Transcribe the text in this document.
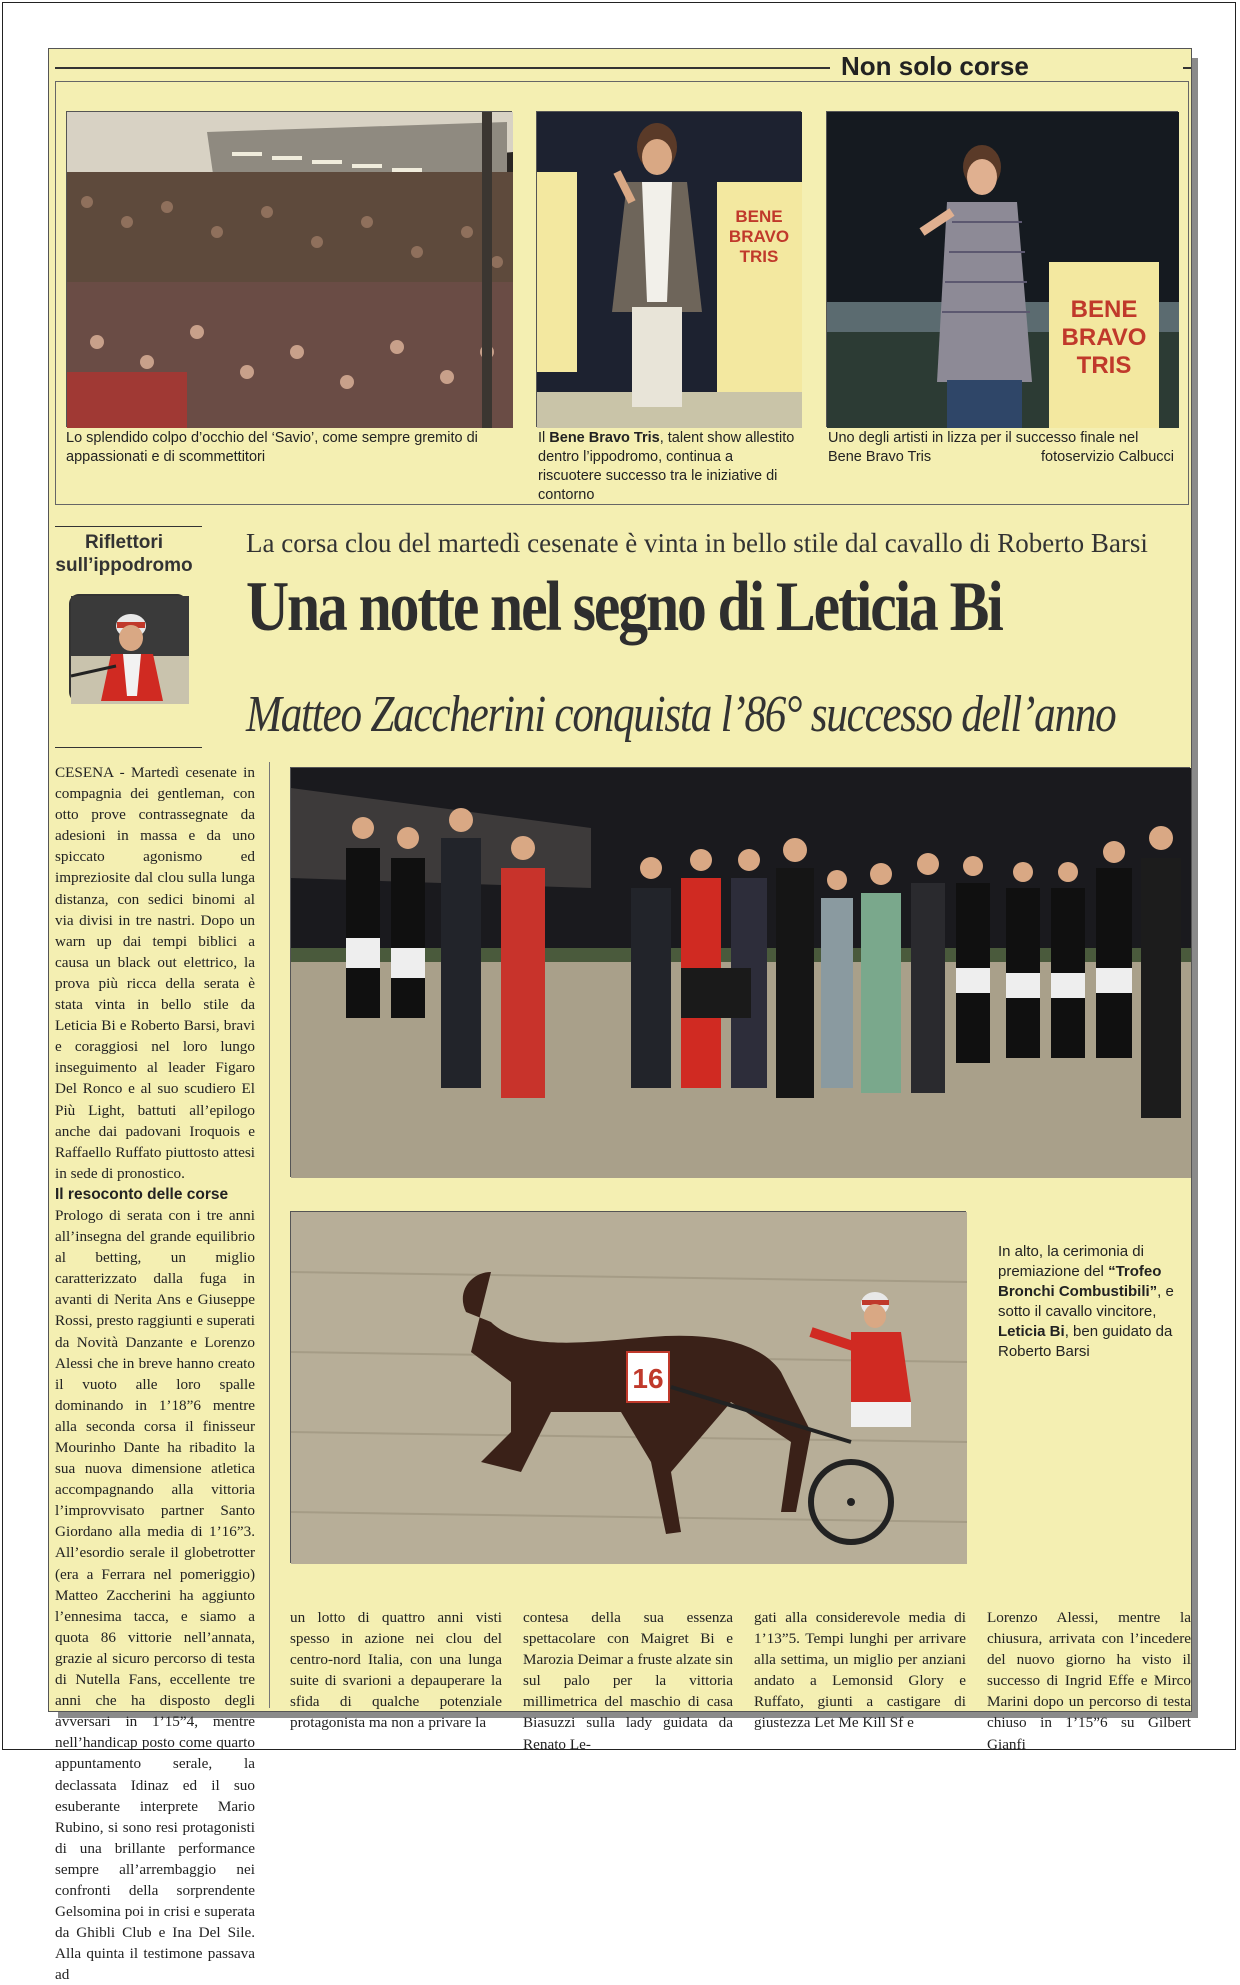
Non solo corse
Lo splendido colpo d’occhio del ‘Savio’, come sempre gremito di appassionati e di scommettitori
BENE
BRAVO
TRIS
Il Bene Bravo Tris, talent show allestito dentro l’ippodromo, continua a riscuotere successo tra le iniziative di contorno
BENE
BRAVO
TRIS
Uno degli artisti in lizza per il successo finale nel Bene Bravo Tris	fotoservizio Calbucci
Riflettori
sull’ippodromo
La corsa clou del martedì cesenate è vinta in bello stile dal cavallo di Roberto Barsi
Una notte nel segno di Leticia Bi
Matteo Zaccherini conquista l’86° successo dell’anno
CESENA - Martedì cesenate in compagnia dei gentleman, con otto prove contrassegnate da adesioni in massa e da uno spiccato agonismo ed impreziosite dal clou sulla lunga distanza, con sedici binomi al via divisi in tre nastri. Dopo un warn up dai tempi biblici a causa un black out elettrico, la prova più ricca della serata è stata vinta in bello stile da Leticia Bi e Roberto Barsi, bravi e coraggiosi nel loro lungo inseguimento al leader Figaro Del Ronco e al suo scudiero El Più Light, battuti all’epilogo anche dai padovani Iroquois e Raffaello Ruffato piuttosto attesi in sede di pronostico.
Il resoconto delle corse
Prologo di serata con i tre anni all’insegna del grande equilibrio al betting, un miglio caratterizzato dalla fuga in avanti di Nerita Ans e Giuseppe Rossi, presto raggiunti e superati da Novità Danzante e Lorenzo Alessi che in breve hanno creato il vuoto alle loro spalle dominando in 1’18”6 mentre alla seconda corsa il finisseur Mourinho Dante ha ribadito la sua nuova dimensione atletica accompagnando alla vittoria l’improvvisato partner Santo Giordano alla media di 1’16”3. All’esordio serale il globetrotter (era a Ferrara nel pomeriggio) Matteo Zaccherini ha aggiunto l’ennesima tacca, e siamo a quota 86 vittorie nell’annata, grazie al sicuro percorso di testa di Nutella Fans, eccellente tre anni che ha disposto degli avversari in 1’15”4, mentre nell’handicap posto come quarto appuntamento serale, la declassata Idinaz ed il suo esuberante interprete Mario Rubino, si sono resi protagonisti di una brillante performance sempre all’arrembaggio nei confronti della sorprendente Gelsomina poi in crisi e superata da Ghibli Club e Ina Del Sile. Alla quinta il testimone passava ad
16
In alto, la cerimonia di premiazione del “Trofeo Bronchi Combustibili”, e sotto il cavallo vincitore, Leticia Bi, ben guidato da Roberto Barsi
un lotto di quattro anni visti spesso in azione nei clou del centro-nord Italia, con una lunga suite di svarioni a depauperare la sfida di qualche potenziale protagonista ma non a privare la
contesa della sua essenza spettacolare con Maigret Bi e Marozia Deimar a fruste alzate sin sul palo per la vittoria millimetrica del maschio di casa Biasuzzi sulla lady guidata da Renato Le-
gati alla considerevole media di 1’13”5. Tempi lunghi per arrivare alla settima, un miglio per anziani andato a Lemonsid Glory e Ruffato, giunti a castigare di giustezza Let Me Kill Sf e
Lorenzo Alessi, mentre la chiusura, arrivata con l’incedere del nuovo giorno ha visto il successo di Ingrid Effe e Mirco Marini dopo un percorso di testa chiuso in 1’15”6 su Gilbert Gianfi
